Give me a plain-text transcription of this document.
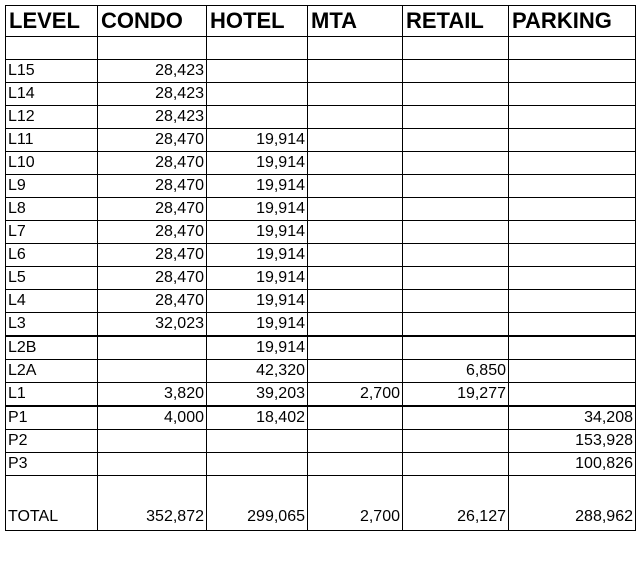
LEVEL	CONDO	HOTEL	MTA	RETAIL	PARKING

L15	28,423				
L14	28,423				
L12	28,423				
L11	28,470	19,914			
L10	28,470	19,914			
L9	28,470	19,914			
L8	28,470	19,914			
L7	28,470	19,914			
L6	28,470	19,914			
L5	28,470	19,914			
L4	28,470	19,914			
L3	32,023	19,914			
L2B		19,914			
L2A		42,320		6,850	
L1	3,820	39,203	2,700	19,277	
P1	4,000	18,402			34,208
P2					153,928
P3					100,826
TOTAL	352,872	299,065	2,700	26,127	288,962
